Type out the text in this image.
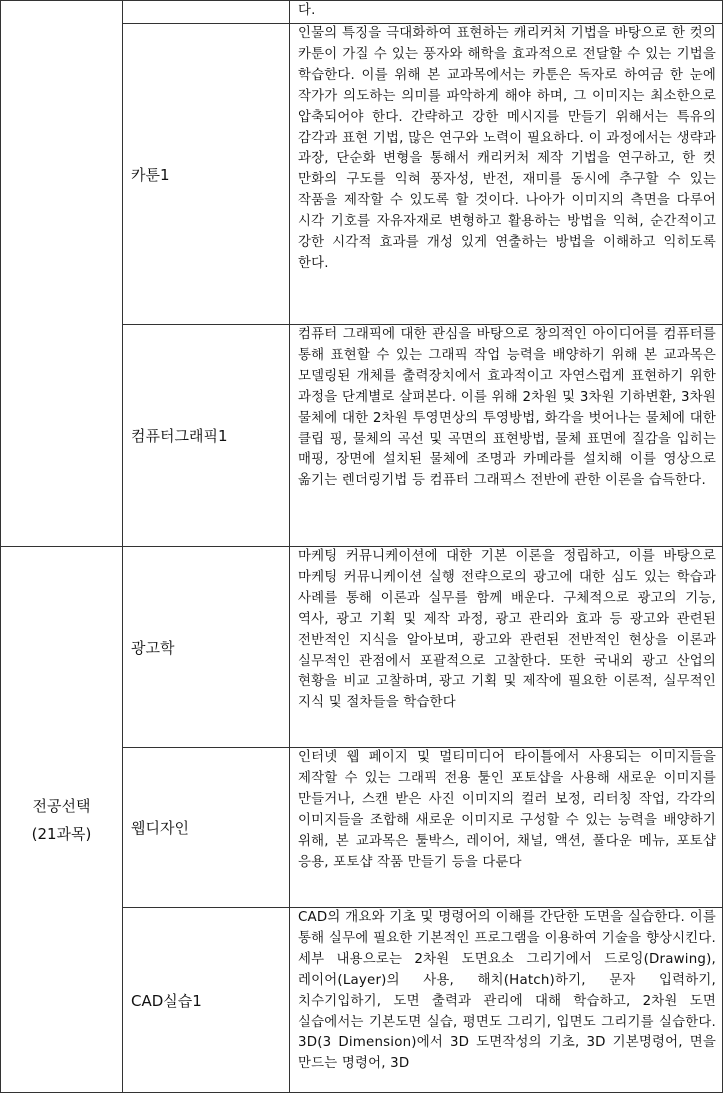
		다.

	카툰1	인물의 특징을 극대화하여 표현하는 캐리커처 기법을 바탕으로 한 컷의 카툰이 가질 수 있는 풍자와 해학을 효과적으로 전달할 수 있는 기법을 학습한다. 이를 위해 본 교과목에서는 카툰은 독자로 하여금 한 눈에 작가가 의도하는 의미를 파악하게 해야 하며, 그 이미지는 최소한으로 압축되어야 한다. 간략하고 강한 메시지를 만들기 위해서는 특유의 감각과 표현 기법, 많은 연구와 노력이 필요하다. 이 과정에서는 생략과 과장, 단순화 변형을 통해서 캐리커처 제작 기법을 연구하고, 한 컷 만화의 구도를 익혀 풍자성, 반전, 재미를 동시에 추구할 수 있는 작품을 제작할 수 있도록 할 것이다. 나아가 이미지의 측면을 다루어 시각 기호를 자유자재로 변형하고 활용하는 방법을 익혀, 순간적이고 강한 시각적 효과를 개성 있게 연출하는 방법을 이해하고 익히도록 한다.

	컴퓨터그래픽1	컴퓨터 그래픽에 대한 관심을 바탕으로 창의적인 아이디어를 컴퓨터를 통해 표현할 수 있는 그래픽 작업 능력을 배양하기 위해 본 교과목은 모델링된 개체를 출력장치에서 효과적이고 자연스럽게 표현하기 위한 과정을 단계별로 살펴본다. 이를 위해 2차원 및 3차원 기하변환, 3차원 물체에 대한 2차원 투영면상의 투영방법, 화각을 벗어나는 물체에 대한 클립 핑, 물체의 곡선 및 곡면의 표현방법, 물체 표면에 질감을 입히는 매핑, 장면에 설치된 물체에 조명과 카메라를 설치해 이를 영상으로 옮기는 렌더링기법 등 컴퓨터 그래픽스 전반에 관한 이론을 습득한다.

전공선택
(21과목)	광고학	마케팅 커뮤니케이션에 대한 기본 이론을 정립하고, 이를 바탕으로 마케팅 커뮤니케이션 실행 전략으로의 광고에 대한 심도 있는 학습과 사례를 통해 이론과 실무를 함께 배운다. 구체적으로 광고의 기능, 역사, 광고 기획 및 제작 과정, 광고 관리와 효과 등 광고와 관련된 전반적인 지식을 알아보며, 광고와 관련된 전반적인 현상을 이론과 실무적인 관점에서 포괄적으로 고찰한다. 또한 국내외 광고 산업의 현황을 비교 고찰하며, 광고 기획 및 제작에 필요한 이론적, 실무적인 지식 및 절차들을 학습한다

	웹디자인	인터넷 웹 페이지 및 멀티미디어 타이틀에서 사용되는 이미지들을 제작할 수 있는 그래픽 전용 툴인 포토샵을 사용해 새로운 이미지를 만들거나, 스캔 받은 사진 이미지의 컬러 보정, 리터칭 작업, 각각의 이미지들을 조합해 새로운 이미지로 구성할 수 있는 능력을 배양하기 위해, 본 교과목은 툴박스, 레이어, 채널, 액션, 풀다운 메뉴, 포토샵 응용, 포토샵 작품 만들기 등을 다룬다

	CAD실습1	CAD의 개요와 기초 및 명령어의 이해를 간단한 도면을 실습한다. 이를 통해 실무에 필요한 기본적인 프로그램을 이용하여 기술을 향상시킨다. 세부 내용으로는 2차원 도면요소 그리기에서 드로잉(Drawing), 레이어(Layer)의 사용, 해치(Hatch)하기, 문자 입력하기, 치수기입하기, 도면 출력과 관리에 대해 학습하고, 2차원 도면 실습에서는 기본도면 실습, 평면도 그리기, 입면도 그리기를 실습한다. 3D(3 Dimension)에서 3D 도면작성의 기초, 3D 기본명령어, 면을 만드는 명령어, 3D
